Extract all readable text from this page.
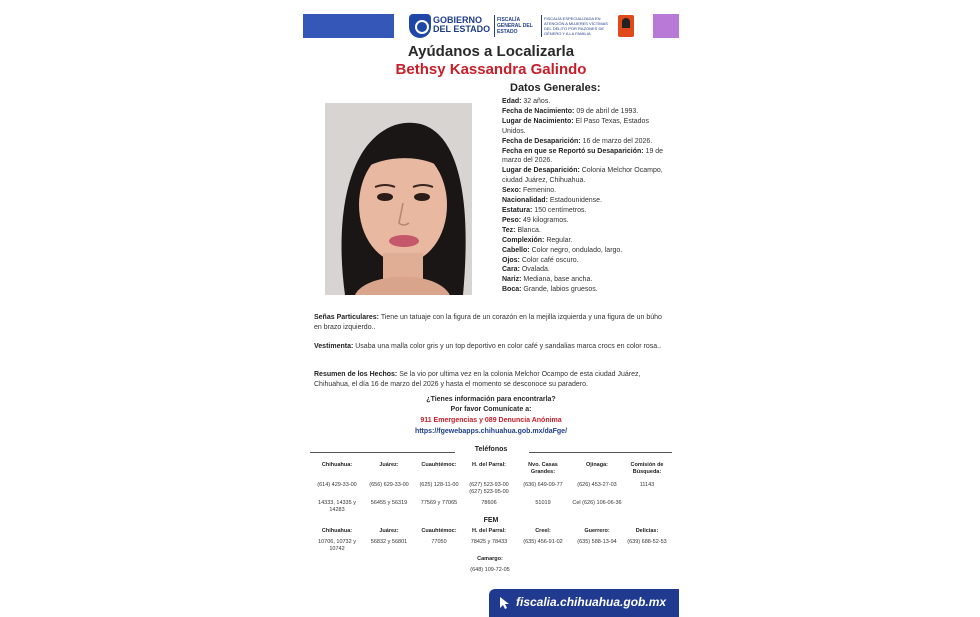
GOBIERNO DEL ESTADO
FISCALÍA GENERAL DEL ESTADO
FISCALÍA ESPECIALIZADA EN ATENCIÓN A MUJERES VÍCTIMAS DEL DELITO POR RAZONES DE GÉNERO Y A LA FAMILIA
Ayúdanos a Localizarla
Bethsy Kassandra Galindo
Datos Generales:
Edad: 32 años.
Fecha de Nacimiento: 09 de abril de 1993.
Lugar de Nacimiento: El Paso Texas, Estados Unidos.
Fecha de Desaparición: 16 de marzo del 2026.
Fecha en que se Reportó su Desaparición: 19 de marzo del 2026.
Lugar de Desaparición: Colonia Melchor Ocampo, ciudad Juárez, Chihuahua.
Sexo: Femenino.
Nacionalidad: Estadounidense.
Estatura: 150 centímetros.
Peso: 49 kilogramos.
Tez: Blanca.
Complexión: Regular.
Cabello: Color negro, ondulado, largo.
Ojos: Color café oscuro.
Cara: Ovalada.
Nariz: Mediana, base ancha.
Boca: Grande, labios gruesos.
Señas Particulares: Tiene un tatuaje con la figura de un corazón en la mejilla izquierda y una figura de un búho en brazo izquierdo..
Vestimenta: Usaba una malla color gris y un top deportivo en color café y sandalias marca crocs en color rosa..
Resumen de los Hechos: Se la vio por ultima vez en la colonia Melchor Ocampo de esta ciudad Juárez, Chihuahua, el día 16 de marzo del 2026 y hasta el momento se desconoce su paradero.
¿Tienes información para encontrarla?
Por favor Comunícate a:
911 Emergencias y 089 Denuncia Anónima
https://fgewebapps.chihuahua.gob.mx/daFge/
Teléfonos
Chihuahua:
(614) 429-33-00
14333, 14335 y 14283
Juárez:
(656) 629-33-00
56455 y 56319
Cuauhtémoc:
(625) 128-11-00
77569 y 77065
H. del Parral:
(627) 523-93-00 (627) 523-95-00
78606
Nvo. Casas Grandes:
(636) 649-09-77
51019
Ojinaga:
(626) 453-27-03
Cel (626) 106-06-36
Comisión de Búsqueda:
11143
FEM
Chihuahua:
10706, 10732 y 10742
Juárez:
56832 y 56801
Cuauhtémoc:
77050
H. del Parral:
78425 y 78433
Creel:
(635) 456-91-02
Guerrero:
(635) 588-13-94
Delicias:
(639) 688-52-53
Camargo:
(648) 109-72-05
fiscalia.chihuahua.gob.mx
